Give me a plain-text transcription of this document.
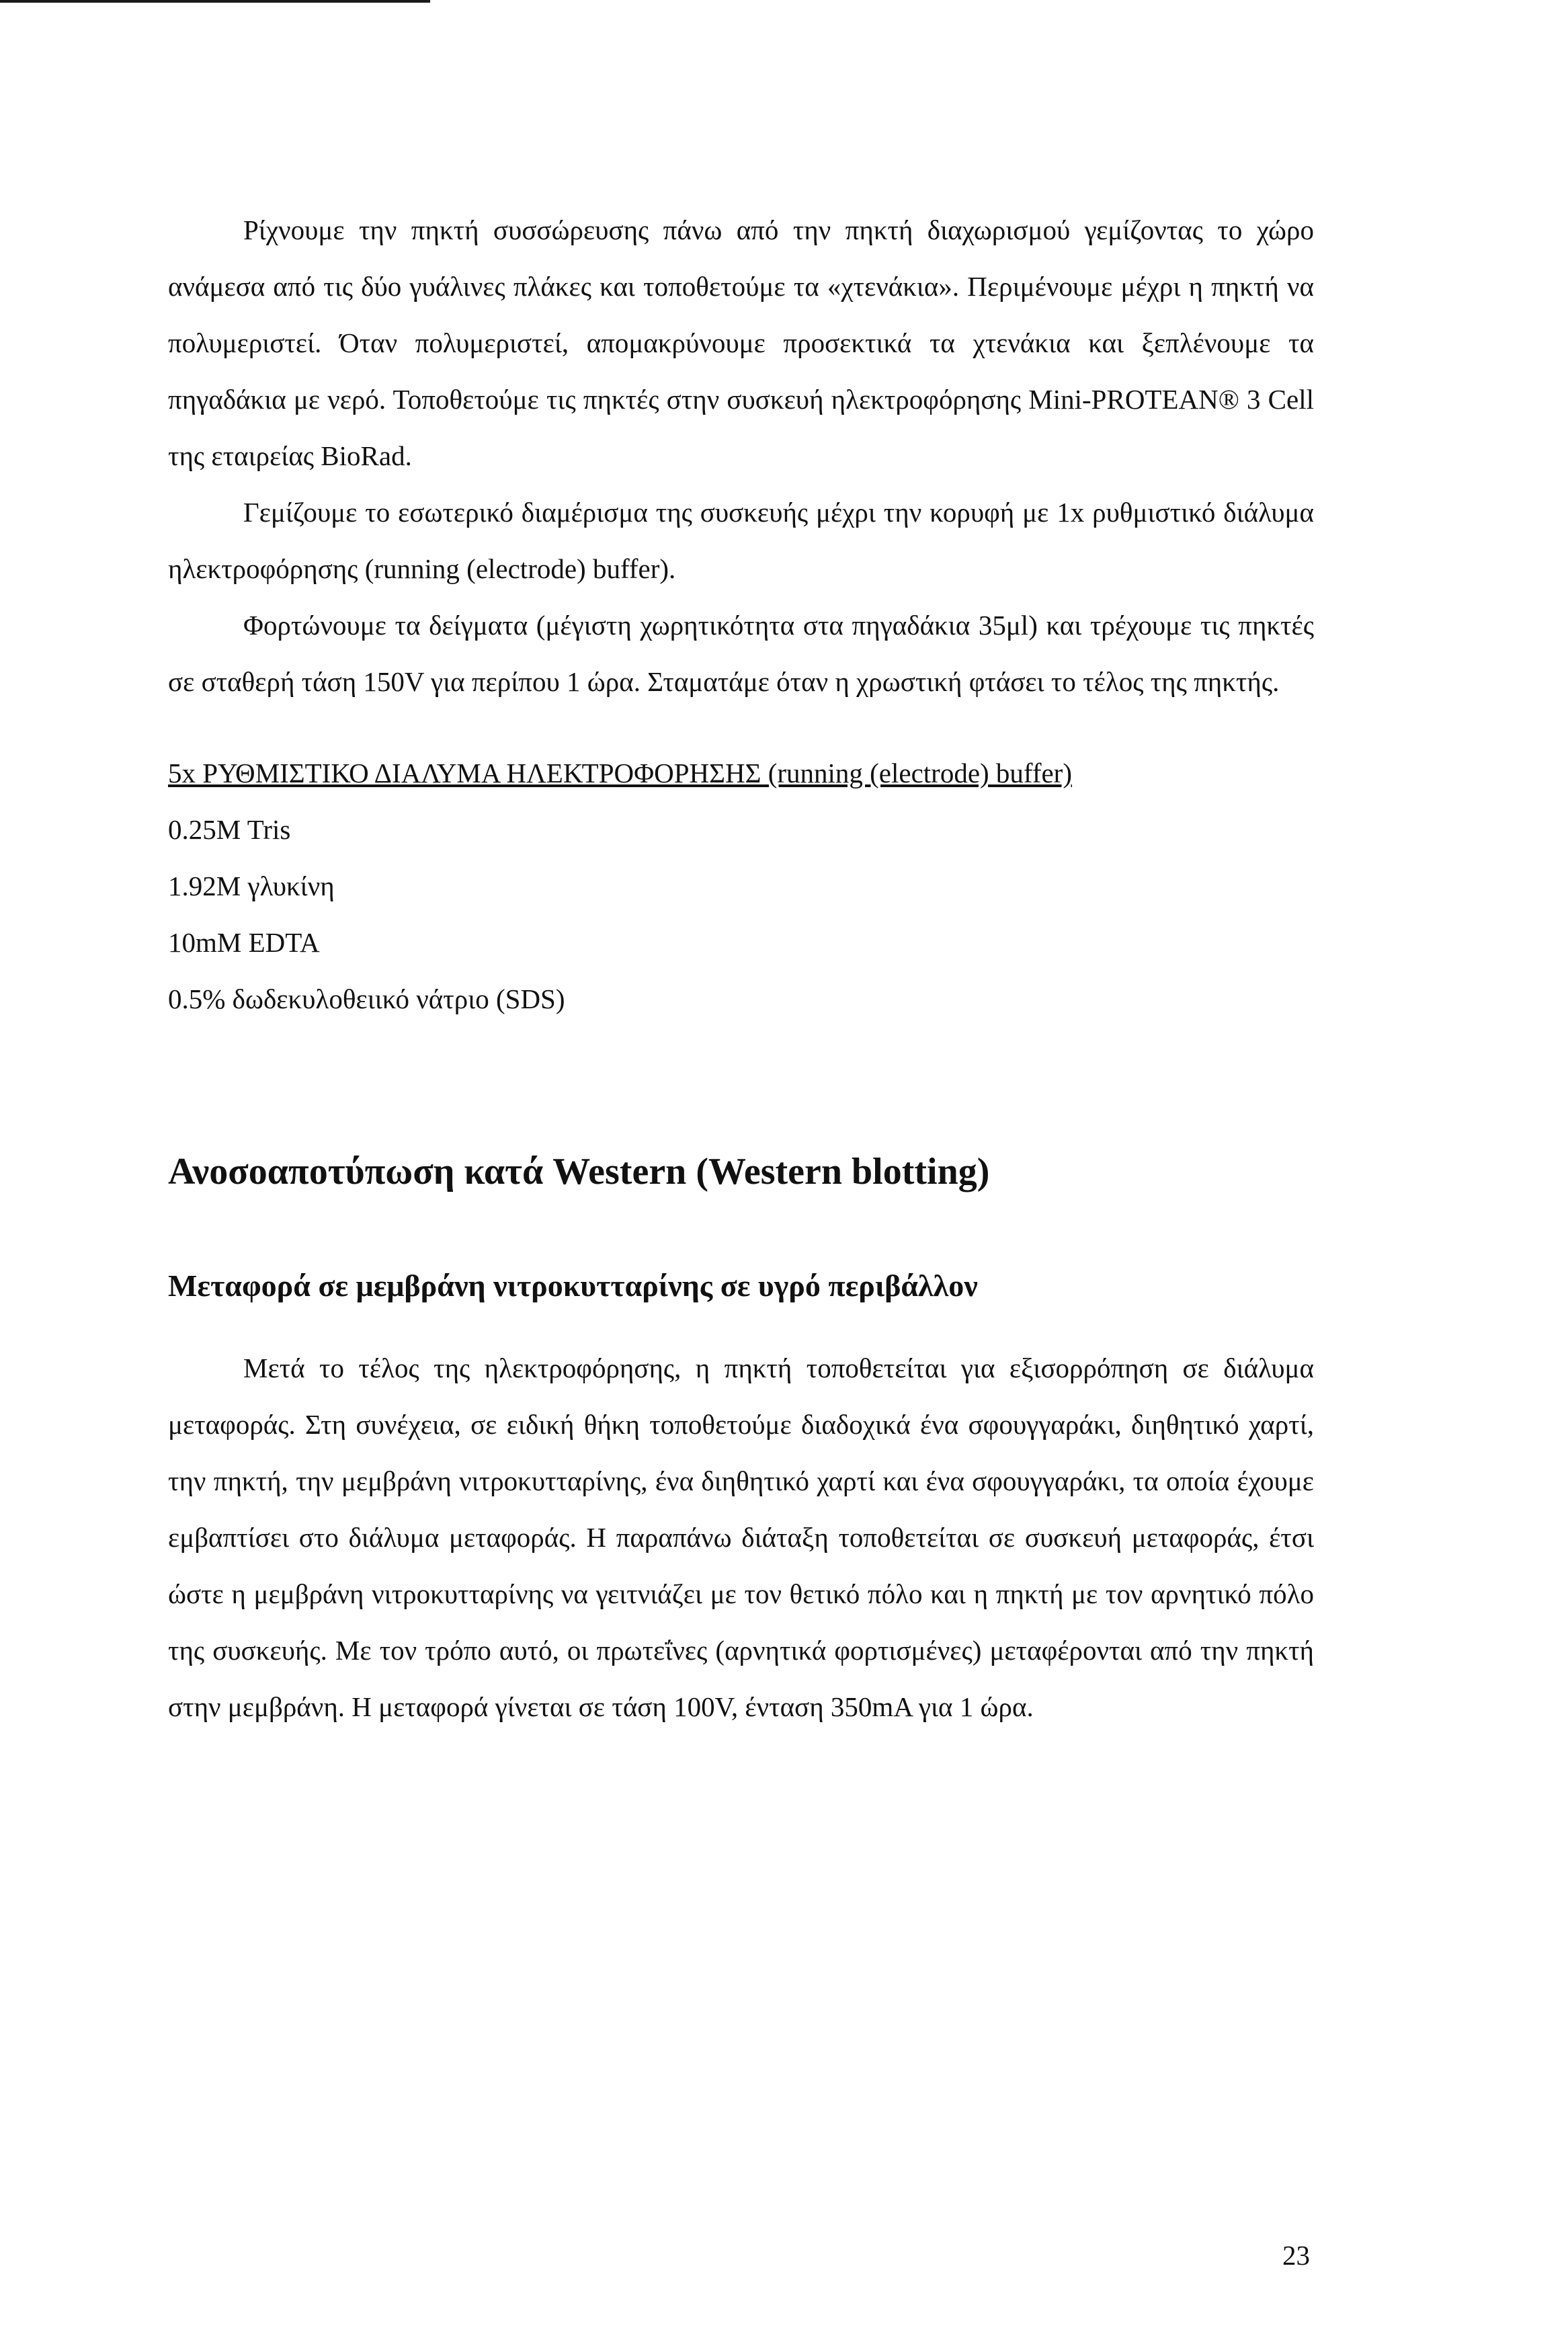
Ρίχνουμε την πηκτή συσσώρευσης πάνω από την πηκτή διαχωρισμού γεμίζοντας το χώρο ανάμεσα από τις δύο γυάλινες πλάκες και τοποθετούμε τα «χτενάκια». Περιμένουμε μέχρι η πηκτή να πολυμεριστεί. Όταν πολυμεριστεί, απομακρύνουμε προσεκτικά τα χτενάκια και ξεπλένουμε τα πηγαδάκια με νερό. Τοποθετούμε τις πηκτές στην συσκευή ηλεκτροφόρησης Mini-PROTEAN® 3 Cell της εταιρείας BioRad.

Γεμίζουμε το εσωτερικό διαμέρισμα της συσκευής μέχρι την κορυφή με 1x ρυθμιστικό διάλυμα ηλεκτροφόρησης (running (electrode) buffer).

Φορτώνουμε τα δείγματα (μέγιστη χωρητικότητα στα πηγαδάκια 35μl) και τρέχουμε τις πηκτές σε σταθερή τάση 150V για περίπου 1 ώρα. Σταματάμε όταν η χρωστική φτάσει το τέλος της πηκτής.

5x ΡΥΘΜΙΣΤΙΚΟ ΔΙΑΛΥΜΑ ΗΛΕΚΤΡΟΦΟΡΗΣΗΣ (running (electrode) buffer)

0.25M Tris
1.92M γλυκίνη
10mM EDTA
0.5% δωδεκυλοθειικό νάτριο (SDS)
Ανοσοαποτύπωση κατά Western (Western blotting)
Μεταφορά σε μεμβράνη νιτροκυτταρίνης σε υγρό περιβάλλον

Μετά το τέλος της ηλεκτροφόρησης, η πηκτή τοποθετείται για εξισορρόπηση σε διάλυμα μεταφοράς. Στη συνέχεια, σε ειδική θήκη τοποθετούμε διαδοχικά ένα σφουγγαράκι, διηθητικό χαρτί, την πηκτή, την μεμβράνη νιτροκυτταρίνης, ένα διηθητικό χαρτί και ένα σφουγγαράκι, τα οποία έχουμε εμβαπτίσει στο διάλυμα μεταφοράς. Η παραπάνω διάταξη τοποθετείται σε συσκευή μεταφοράς, έτσι ώστε η μεμβράνη νιτροκυτταρίνης να γειτνιάζει με τον θετικό πόλο και η πηκτή με τον αρνητικό πόλο της συσκευής. Με τον τρόπο αυτό, οι πρωτεΐνες (αρνητικά φορτισμένες) μεταφέρονται από την πηκτή στην μεμβράνη. Η μεταφορά γίνεται σε τάση 100V, ένταση 350mA για 1 ώρα.

23
